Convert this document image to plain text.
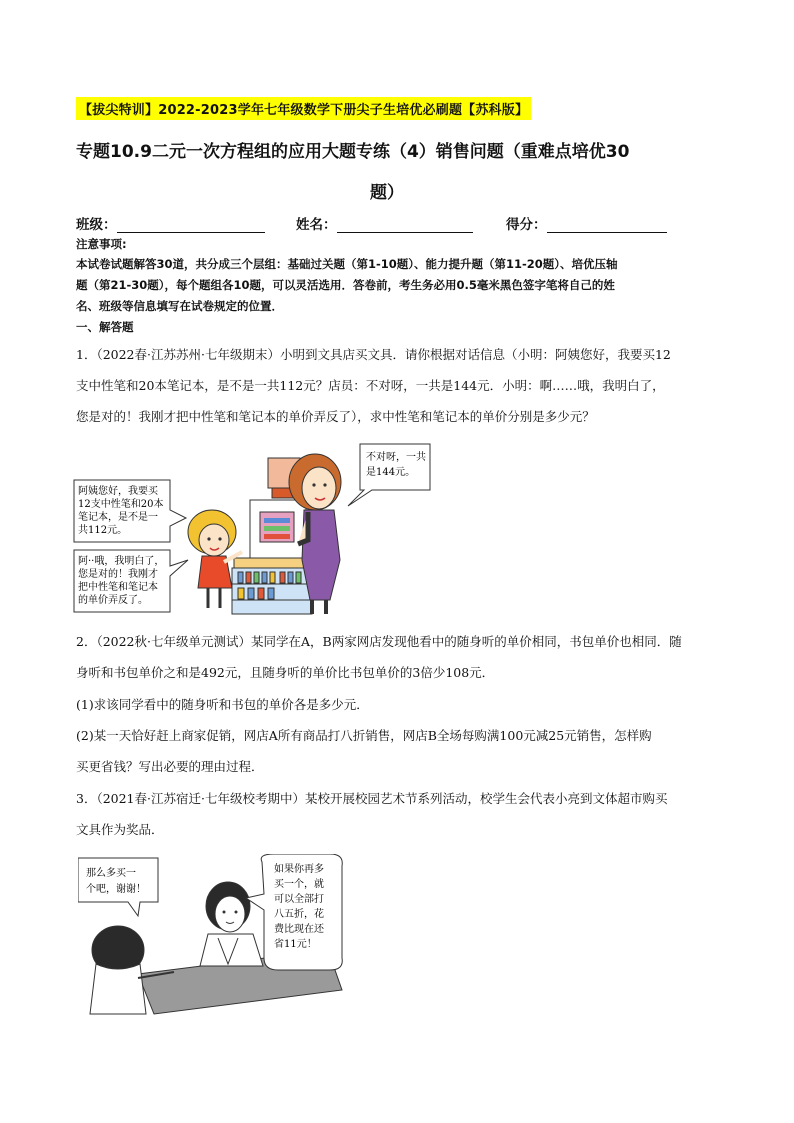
【拔尖特训】2022-2023学年七年级数学下册尖子生培优必刷题【苏科版】
专题10.9二元一次方程组的应用大题专练（4）销售问题（重难点培优30
题）
班级：	姓名：	得分：
注意事项:
本试卷试题解答30道，共分成三个层组：基础过关题（第1-10题）、能力提升题（第11-20题）、培优压轴
题（第21-30题），每个题组各10题，可以灵活选用．答卷前，考生务必用0.5毫米黑色签字笔将自己的姓
名、班级等信息填写在试卷规定的位置．
一、解答题
1．（2022春·江苏苏州·七年级期末）小明到文具店买文具．请你根据对话信息（小明：阿姨您好，我要买12
支中性笔和20本笔记本，是不是一共112元？店员：不对呀，一共是144元．小明：啊……哦，我明白了，
您是对的！我刚才把中性笔和笔记本的单价弄反了），求中性笔和笔记本的单价分别是多少元？
不对呀，一共
是144元。
阿姨您好，我要买
12支中性笔和20本
笔记本，是不是一
共112元。
阿··哦，我明白了，
您是对的！我刚才
把中性笔和笔记本
的单价弄反了。
2．（2022秋·七年级单元测试）某同学在A，B两家网店发现他看中的随身听的单价相同，书包单价也相同．随
身听和书包单价之和是492元，且随身听的单价比书包单价的3倍少108元．
(1)求该同学看中的随身听和书包的单价各是多少元．
(2)某一天恰好赶上商家促销，网店A所有商品打八折销售，网店B全场每购满100元减25元销售，怎样购
买更省钱？写出必要的理由过程．
3．（2021春·江苏宿迁·七年级校考期中）某校开展校园艺术节系列活动，校学生会代表小亮到文体超市购买
文具作为奖品．
那么多买一
个吧，谢谢！
如果你再多
买一个，就
可以全部打
八五折，花
费比现在还
省11元！
